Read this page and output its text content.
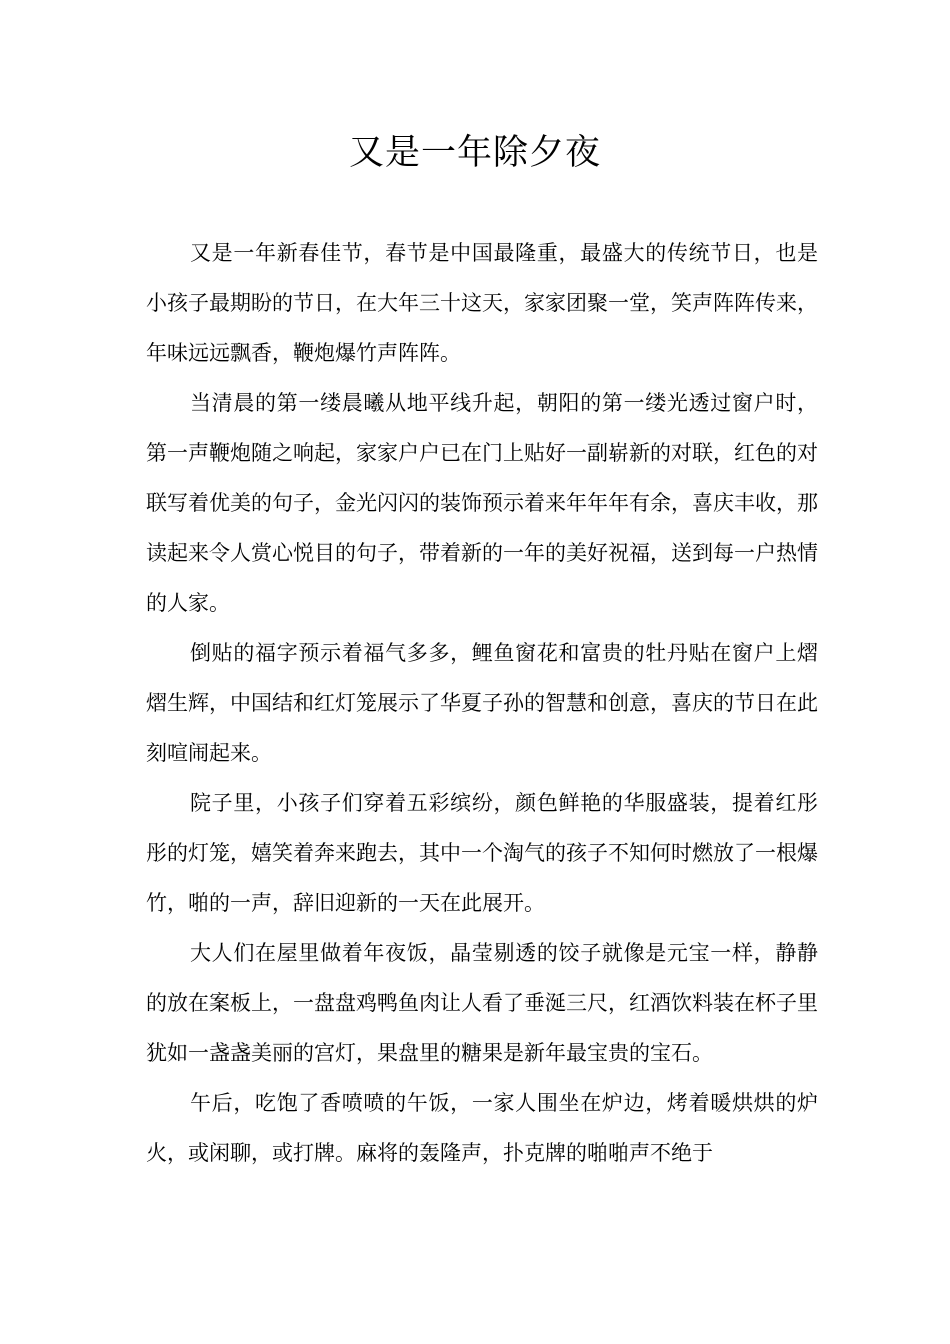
又是一年除夕夜

又是一年新春佳节，春节是中国最隆重，最盛大的传统节日，也是小孩子最期盼的节日，在大年三十这天，家家团聚一堂，笑声阵阵传来，年味远远飘香，鞭炮爆竹声阵阵。

当清晨的第一缕晨曦从地平线升起，朝阳的第一缕光透过窗户时，第一声鞭炮随之响起，家家户户已在门上贴好一副崭新的对联，红色的对联写着优美的句子，金光闪闪的装饰预示着来年年年有余，喜庆丰收，那读起来令人赏心悦目的句子，带着新的一年的美好祝福，送到每一户热情的人家。

倒贴的福字预示着福气多多，鲤鱼窗花和富贵的牡丹贴在窗户上熠熠生辉，中国结和红灯笼展示了华夏子孙的智慧和创意，喜庆的节日在此刻喧闹起来。

院子里，小孩子们穿着五彩缤纷，颜色鲜艳的华服盛装，提着红彤彤的灯笼，嬉笑着奔来跑去，其中一个淘气的孩子不知何时燃放了一根爆竹，啪的一声，辞旧迎新的一天在此展开。

大人们在屋里做着年夜饭，晶莹剔透的饺子就像是元宝一样，静静的放在案板上，一盘盘鸡鸭鱼肉让人看了垂涎三尺，红酒饮料装在杯子里犹如一盏盏美丽的宫灯，果盘里的糖果是新年最宝贵的宝石。

午后，吃饱了香喷喷的午饭，一家人围坐在炉边，烤着暖烘烘的炉火，或闲聊，或打牌。麻将的轰隆声，扑克牌的啪啪声不绝于
